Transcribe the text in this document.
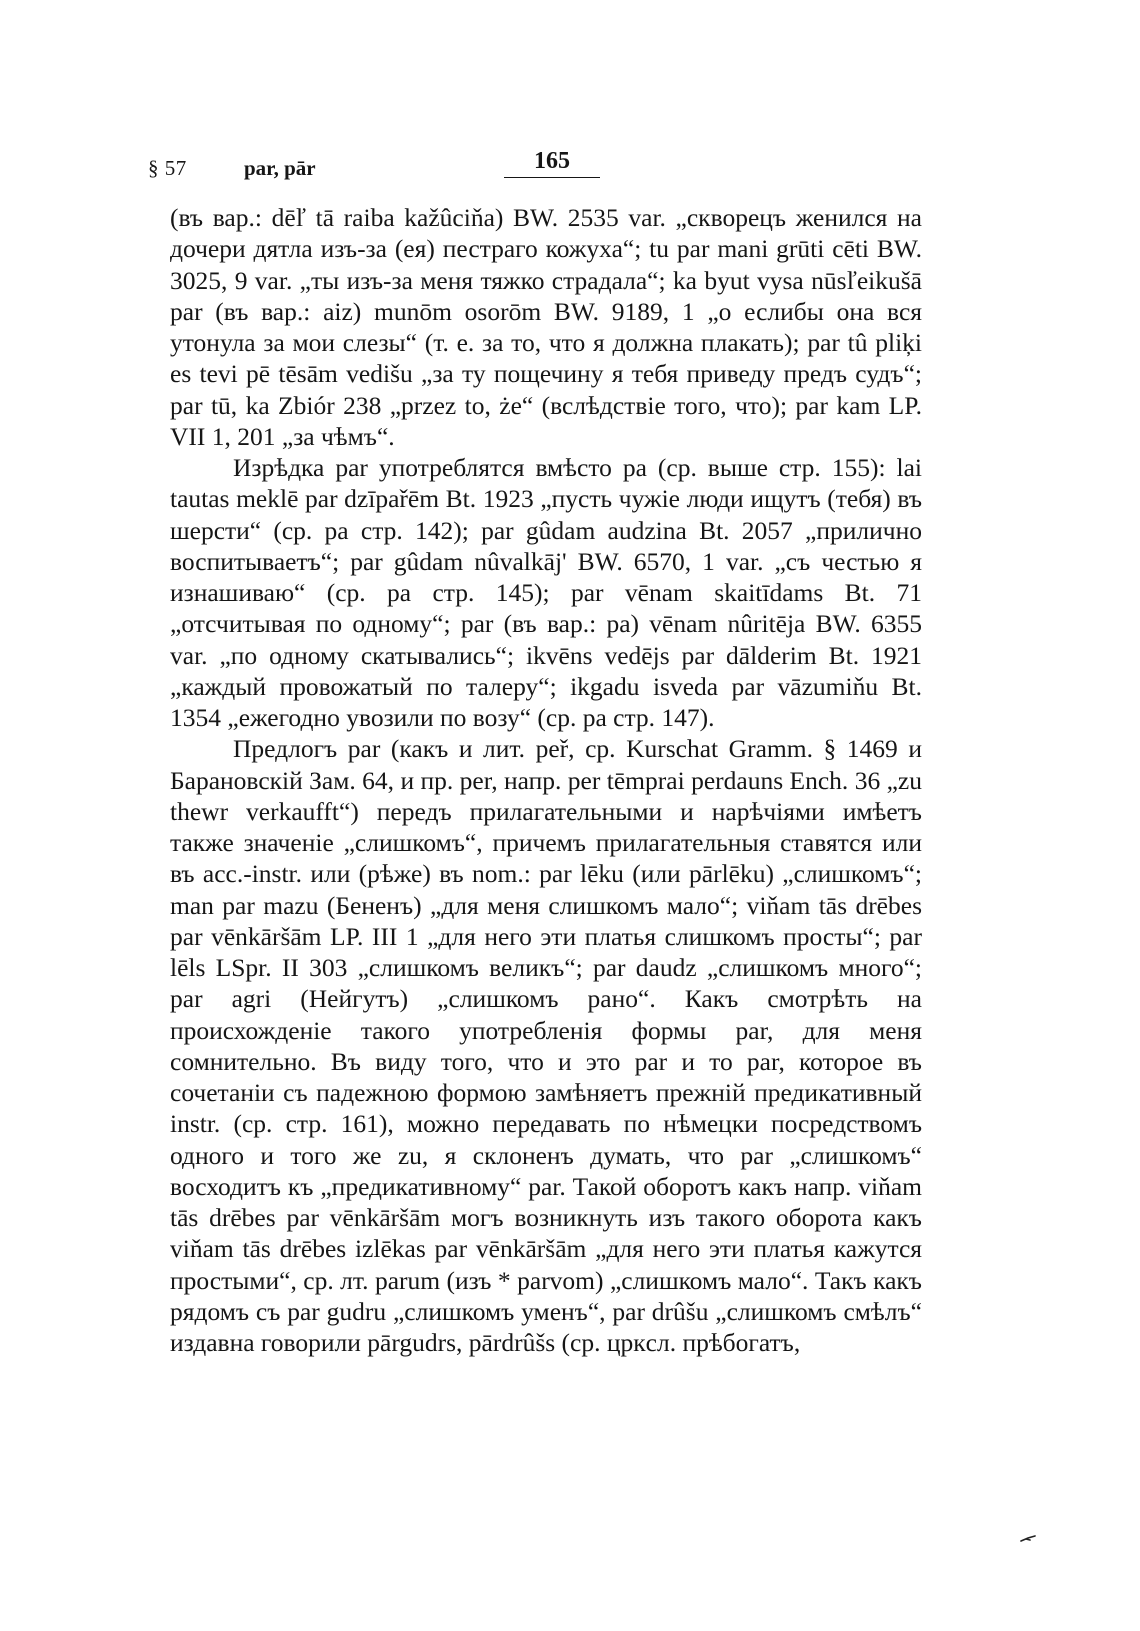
§ 57	par, pār	165

(въ вар.: dēľ tā raiba kažûciňa) BW. 2535 var. „скворецъ женился на дочери дятла изъ-за (ея) пестраго кожуха“; tu par mani grūti cēti BW. 3025, 9 var. „ты изъ-за меня тяжко страдала“; ka byut vysa nūsľeikušā par (въ вар.: aiz) munōm osorōm BW. 9189, 1 „о еслибы она вся утонула за мои слезы“ (т. е. за то, что я должна плакать); par tû pliķi es tevi pē tēsām vedišu „за ту пощечину я тебя приведу предъ судъ“; par tū, ka Zbiór 238 „przez to, że“ (вслѣдствіе того, что); par kam LP. VII 1, 201 „за чѣмъ“.

Изрѣдка par употреблятся вмѣсто pa (ср. выше стр. 155): lai tautas meklē par dzīpařēm Bt. 1923 „пусть чужіе люди ищутъ (тебя) въ шерсти“ (ср. pa стр. 142); par gûdam audzina Bt. 2057 „прилично воспитываетъ“; par gûdam nûvalkāj' BW. 6570, 1 var. „съ честью я изнашиваю“ (ср. pa стр. 145); par vēnam skaitīdams Bt. 71 „отсчитывая по одному“; par (въ вар.: pa) vēnam nûritēja BW. 6355 var. „по одному скатывались“; ikvēns vedējs par dālderim Bt. 1921 „каждый провожатый по талеру“; ikgadu isveda par vāzumiňu Bt. 1354 „ежегодно увозили по возу“ (ср. pa стр. 147).

Предлогъ par (какъ и лит. peř, ср. Kurschat Gramm. § 1469 и Барановскій Зам. 64, и пр. per, напр. per tēmprai perdauns Ench. 36 „zu thewr verkaufft“) передъ прилагательными и нарѣчіями имѣетъ также значеніе „слишкомъ“, причемъ прилагательныя ставятся или въ acc.-instr. или (рѣже) въ nom.: par lēku (или pārlēku) „слишкомъ“; man par mazu (Бененъ) „для меня слишкомъ мало“; viňam tās drēbes par vēnkāršām LP. III 1 „для него эти платья слишкомъ просты“; par lēls LSpr. II 303 „слишкомъ великъ“; par daudz „слишкомъ много“; par agri (Нейгутъ) „слишкомъ рано“. Какъ смотрѣть на происхожденіе такого употребленія формы par, для меня сомнительно. Въ виду того, что и это par и то par, которое въ сочетаніи съ падежною формою замѣняетъ прежній предикативный instr. (ср. стр. 161), можно передавать по нѣмецки посредствомъ одного и того же zu, я склоненъ думать, что par „слишкомъ“ восходитъ къ „предикативному“ par. Такой оборотъ какъ напр. viňam tās drēbes par vēnkāršām могъ возникнуть изъ такого оборота какъ viňam tās drēbes izlēkas par vēnkāršām „для него эти платья кажутся простыми“, ср. лт. parum (изъ * parvom) „слишкомъ мало“. Такъ какъ рядомъ съ par gudru „слишкомъ уменъ“, par drûšu „слишкомъ смѣлъ“ издавна говорили pārgudrs, pārdrûšs (ср. цркcл. прѣбогатъ,
